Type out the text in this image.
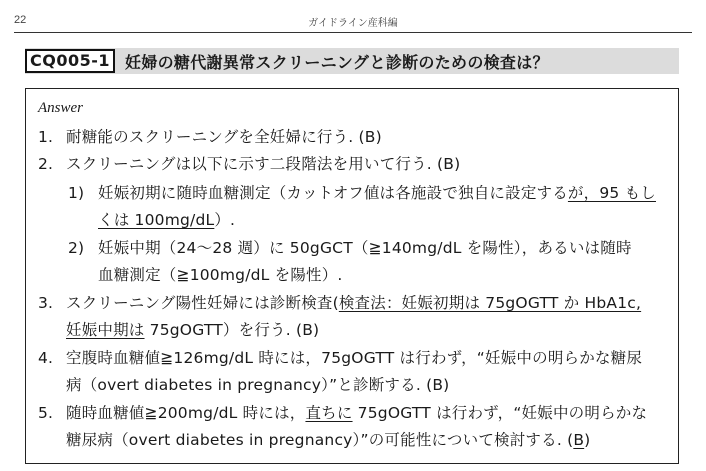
22	ガイドライン産科編
CQ005-1 妊婦の糖代謝異常スクリーニングと診断のための検査は？
Answer
1. 耐糖能のスクリーニングを全妊婦に行う. (B)
2. スクリーニングは以下に示す二段階法を用いて行う. (B)
1) 妊娠初期に随時血糖測定（カットオフ値は各施設で独自に設定するが，95 もし
くは 100mg/dL）.
2) 妊娠中期（24〜28 週）に 50gGCT（≧140mg/dL を陽性），あるいは随時
血糖測定（≧100mg/dL を陽性）.
3. スクリーニング陽性妊婦には診断検査(検査法：妊娠初期は 75gOGTT か HbA1c,
妊娠中期は 75gOGTT）を行う. (B)
4. 空腹時血糖値≧126mg/dL 時には，75gOGTT は行わず，“妊娠中の明らかな糖尿
病（overt diabetes in pregnancy）”と診断する. (B)
5. 随時血糖値≧200mg/dL 時には，直ちに 75gOGTT は行わず，“妊娠中の明らかな
糖尿病（overt diabetes in pregnancy）”の可能性について検討する. (B)
